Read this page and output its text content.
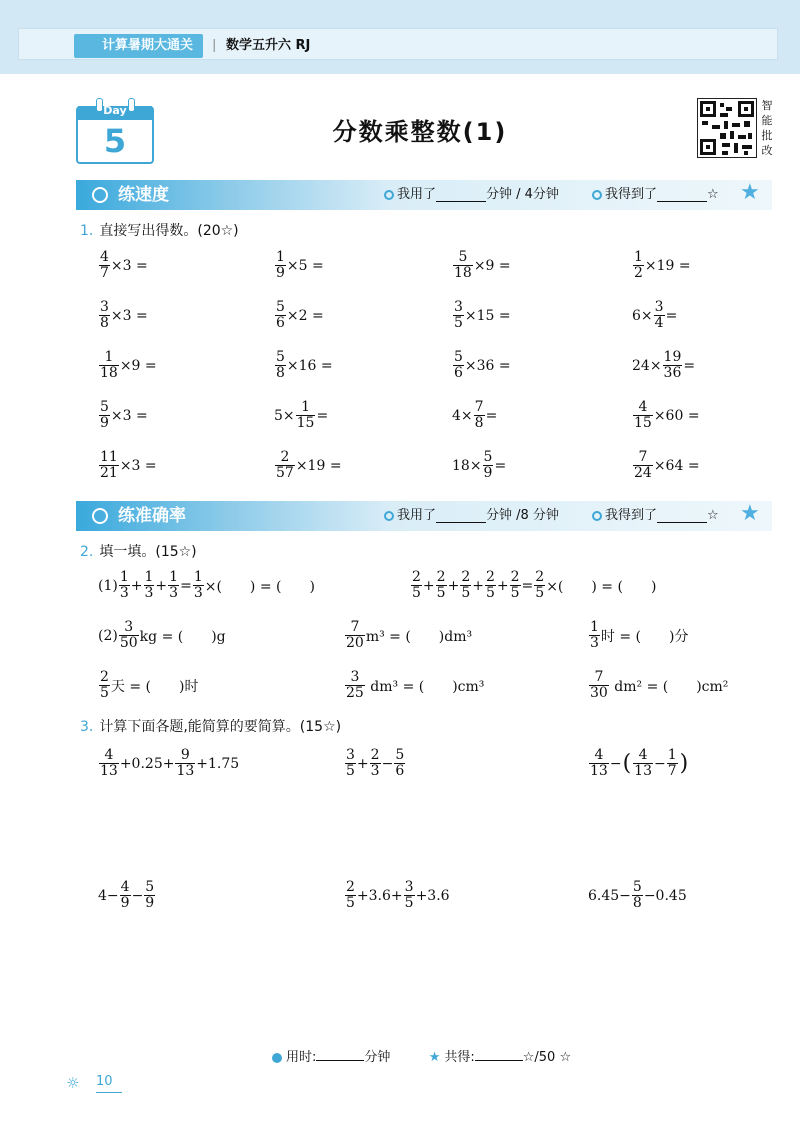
计算暑期大通关	| 数学五升六 RJ
Day
5	分数乘整数(1)
智
能
批
改
练速度	我用了	分钟 / 4分钟	我得到了	☆ ★
1. 直接写出得数。(20☆)
$\frac{4}{7} \times 3$ =	$\frac{1}{9} \times 5$ =	$\frac{5}{18} \times 9$ =	$\frac{1}{2} \times 19$ =
$\frac{3}{8} \times 3$ =	$\frac{5}{6} \times 2$ =	$\frac{3}{5} \times 15$ =	$6\times \frac{3}{4}$ =
$\frac{1}{18} \times 9$ =	$\frac{5}{8} \times 16$ =	$\frac{5}{6} \times 36$ =	$24\times \frac{19}{36}$ =
$\frac{5}{9} \times 3$ =	$5\times \frac{1}{15}$ =	$4\times \frac{7}{8}$ =	$\frac{4}{15} \times 60$ =
$\frac{11}{21} \times 3$ =	$\frac{2}{57} \times 19$ =	$18\times \frac{5}{9}$ =	$\frac{7}{24} \times 64$ =
练准确率	我用了	分钟 /8 分钟	我得到了	☆ ★
2. 填一填。(15☆)
$(1) \frac{1}{3} + \frac{1}{3} + \frac{1}{3} = \frac{1}{3}$ ×(　　) = (　　)	$\frac{2}{5} + \frac{2}{5} + \frac{2}{5} + \frac{2}{5} + \frac{2}{5} = \frac{2}{5}$ ×(　　) = (　　)
$(2) \frac{3}{50}$ kg = (　　)g	$\frac{7}{20} m^3$ = (　　)dm³	$\frac{1}{3}$ 时 = (　　)分
$\frac{2}{5}$ 天 = (　　)时	$\frac{3}{25} dm^3$ = (　　)cm³	$\frac{7}{30} dm^2$ = (　　)cm²
3. 计算下面各题,能简算的要简算。(15☆)
$\frac{4}{13} +0.25+ \frac{9}{13} +1.75$	$\frac{3}{5} + \frac{2}{3} - \frac{5}{6}$	$\frac{4}{13}$ − ( $\frac{4}{13} - \frac{1}{7}$ )
$4- \frac{4}{9} - \frac{5}{9}$	$\frac{2}{5} +3.6+ \frac{3}{5} +3.6$	$6.45- \frac{5}{8} -0.45$
用时:	分钟	★ 共得:	☆/50 ☆
☼ 10
